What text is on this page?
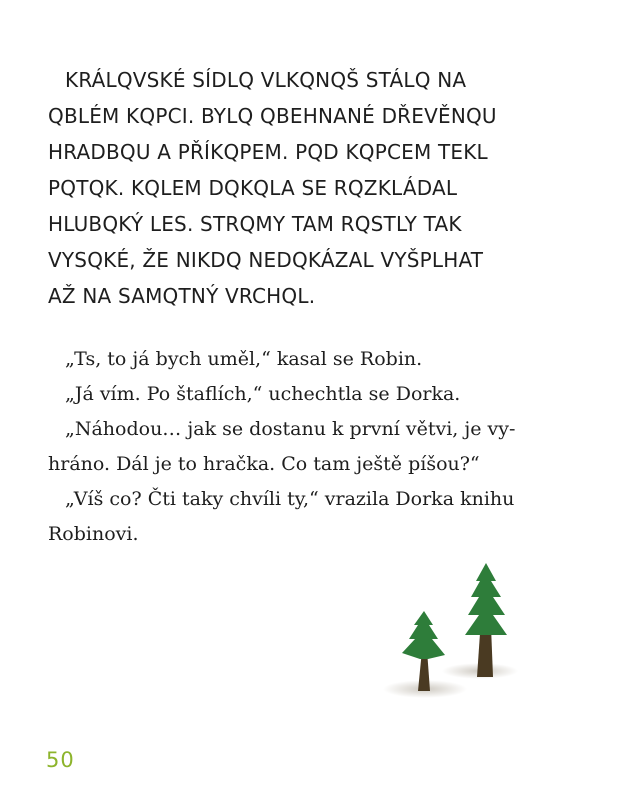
KRÁLQVSKÉ SÍDLQ VLKQNQŠ STÁLQ NA

QBLÉM KQPCI. BYLQ QBEHNANÉ DŘEVĚNQU

HRADBQU A PŘÍKQPEM. PQD KQPCEM TEKL

PQTQK. KQLEM DQKQLA SE RQZKLÁDAL

HLUBQKÝ LES. STRQMY TAM RQSTLY TAK

VYSQKÉ, ŽE NIKDQ NEDQKÁZAL VYŠPLHAT

AŽ NA SAMQTNÝ VRCHQL.

„Ts, to já bych uměl,“ kasal se Robin.

„Já vím. Po štaflích,“ uchechtla se Dorka.

„Náhodou… jak se dostanu k první větvi, je vy-

hráno. Dál je to hračka. Co tam ještě píšou?“

„Víš co? Čti taky chvíli ty,“ vrazila Dorka knihu

Robinovi.

50
